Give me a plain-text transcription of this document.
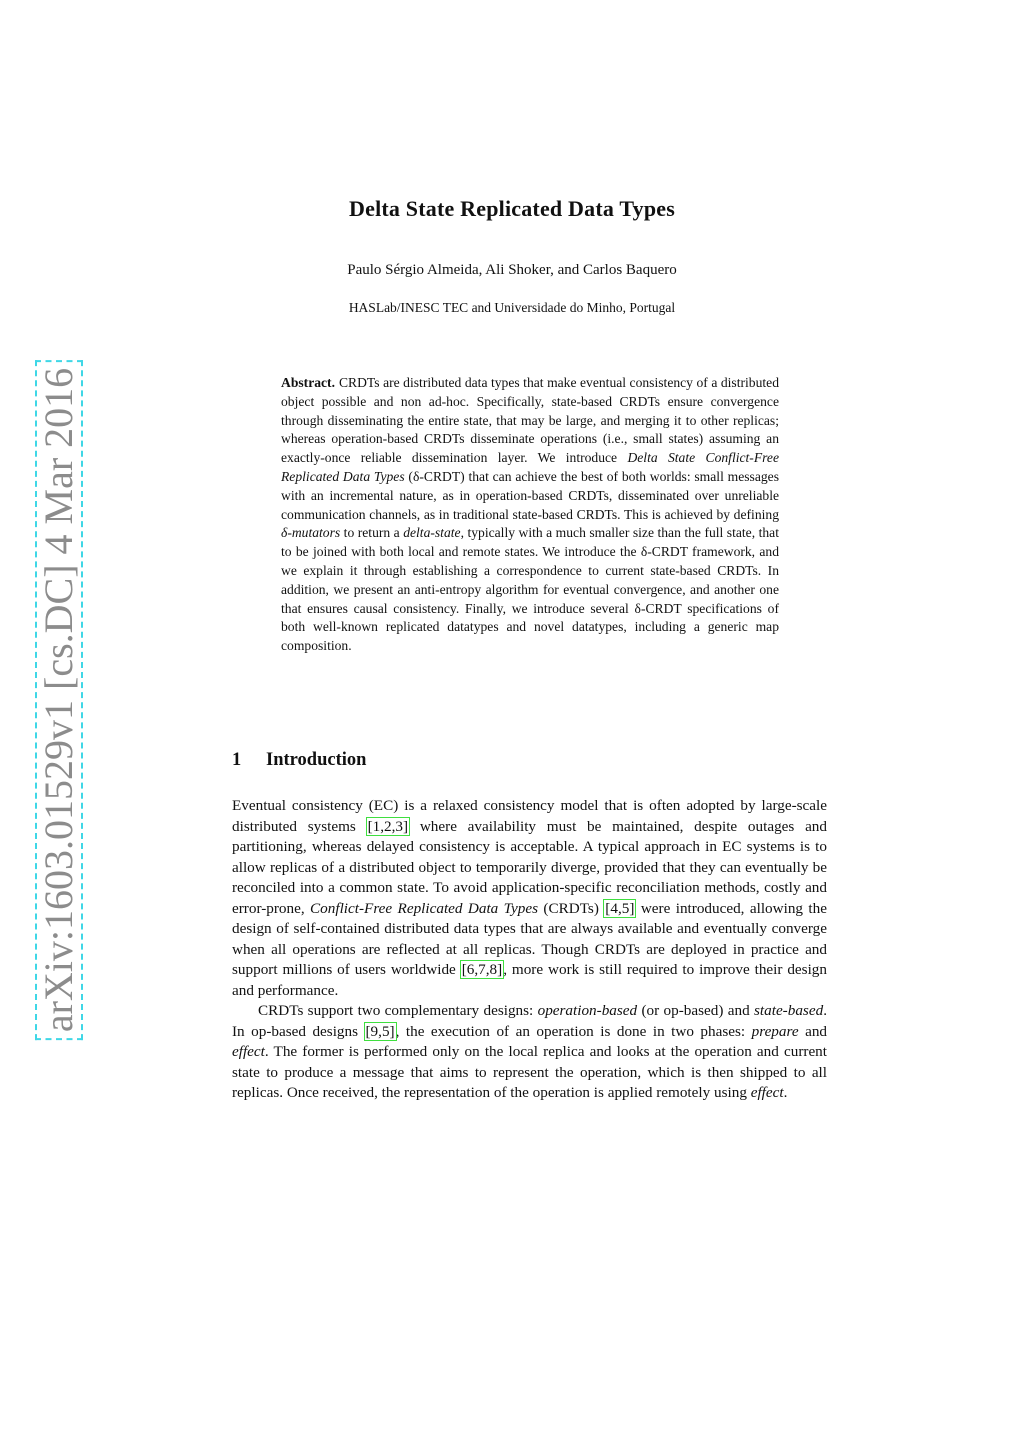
arXiv:1603.01529v1 [cs.DC] 4 Mar 2016
Delta State Replicated Data Types
Paulo Sérgio Almeida, Ali Shoker, and Carlos Baquero
HASLab/INESC TEC and Universidade do Minho, Portugal
Abstract. CRDTs are distributed data types that make eventual consistency of a distributed object possible and non ad-hoc. Specifically, state-based CRDTs ensure convergence through disseminating the entire state, that may be large, and merging it to other replicas; whereas operation-based CRDTs disseminate operations (i.e., small states) assuming an exactly-once reliable dissemination layer. We introduce Delta State Conflict-Free Replicated Data Types (δ-CRDT) that can achieve the best of both worlds: small messages with an incremental nature, as in operation-based CRDTs, disseminated over unreliable communication channels, as in traditional state-based CRDTs. This is achieved by defining δ-mutators to return a delta-state, typically with a much smaller size than the full state, that to be joined with both local and remote states. We introduce the δ-CRDT framework, and we explain it through establishing a correspondence to current state-based CRDTs. In addition, we present an anti-entropy algorithm for eventual convergence, and another one that ensures causal consistency. Finally, we introduce several δ-CRDT specifications of both well-known replicated datatypes and novel datatypes, including a generic map composition.
1 Introduction

Eventual consistency (EC) is a relaxed consistency model that is often adopted by large-scale distributed systems [1,2,3] where availability must be maintained, despite outages and partitioning, whereas delayed consistency is acceptable. A typical approach in EC systems is to allow replicas of a distributed object to temporarily diverge, provided that they can eventually be reconciled into a common state. To avoid application-specific reconciliation methods, costly and error-prone, Conflict-Free Replicated Data Types (CRDTs) [4,5] were introduced, allowing the design of self-contained distributed data types that are always available and eventually converge when all operations are reflected at all replicas. Though CRDTs are deployed in practice and support millions of users worldwide [6,7,8], more work is still required to improve their design and performance.

CRDTs support two complementary designs: operation-based (or op-based) and state-based. In op-based designs [9,5], the execution of an operation is done in two phases: prepare and effect. The former is performed only on the local replica and looks at the operation and current state to produce a message that aims to represent the operation, which is then shipped to all replicas. Once received, the representation of the operation is applied remotely using effect.
